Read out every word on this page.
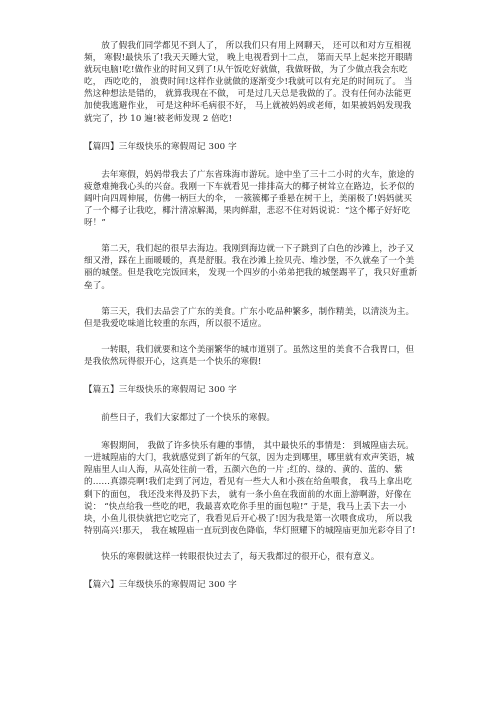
放了假我们同学都见不到人了， 所以我们只有用上网聊天， 还可以和对方互相视频， 寒假!最快乐了!我天天睡大觉， 晚上电视看到十二点， 第而天早上起来挖开眼睛就玩电脑!吃!做作业的时间又到了!从午饭吃好就做，我做呀做，为了少做点我会东吃吃， 西吃吃的， 浪费时间!这样作业就做的逐渐变少!我就可以有充足的时间玩了。 当然这种想法是错的， 就算我现在不做， 可是过几天总是我做的了。没有任何办法能更加使我逃避作业， 可是这种坏毛病很不好， 马上就被妈妈或老师，如果被妈妈发现我就完了，抄 10 遍!被老师发现 2 倍吃!

【篇四】三年级快乐的寒假周记 300 字

去年寒假，妈妈带我去了广东省珠海市游玩。途中坐了三十二小时的火车，旅途的疲惫难掩我心头的兴奋。我刚一下车就看见一排排高大的椰子树耸立在路边，长矛似的阔叶向四周伸展，仿佛一柄巨大的伞， 一簇簇椰子垂悬在树干上，美丽极了!妈妈就买了一个椰子让我吃，椰汁清凉解渴，果肉鲜甜，悲忍不住对妈说说：“这个椰子好好吃呀！”

第二天，我们起的很早去海边。我刚到海边就一下子跳到了白色的沙滩上，沙子又细又滑，踩在上面暖暖的，真是舒服。我在沙滩上捡贝壳、堆沙堡，不久就垒了一个美丽的城堡。但是我吃完饭回来， 发现一个四岁的小弟弟把我的城堡踢平了，我只好重新垒了。

第三天，我们去品尝了广东的美食。广东小吃品种繁多，制作精美，以清淡为主。但是我爱吃味道比较重的东西，所以很不适应。

一转眼，我们就要和这个美丽繁华的城市道别了。虽然这里的美食不合我胃口，但是我依然玩得很开心，这真是一个快乐的寒假!

【篇五】三年级快乐的寒假周记 300 字

前些日子，我们大家都过了一个快乐的寒假。

寒假期间， 我做了许多快乐有趣的事情， 其中最快乐的事情是： 到城隍庙去玩。一进城隍庙的大门，我就感觉到了新年的气氛，因为走到哪里，哪里就有欢声笑语，城隍庙里人山人海，从高处往前一看，五颜六色的一片 ;红的、绿的、黄的、蓝的、紫的……真漂亮啊!我们走到了河边，看见有一些大人和小孩在给鱼喂食， 我马上拿出吃剩下的面包， 我还没来得及扔下去， 就有一条小鱼在我面前的水面上游啊游，好像在说： “快点给我一些吃的吧，我最喜欢吃你手里的面包啦!” 于是，我马上丢下去一小块，小鱼儿很快就把它吃完了，我看见后开心极了!因为我是第一次喂食成功， 所以我特别高兴!那天， 我在城隍庙一直玩到夜色降临，华灯照耀下的城隍庙更加光彩夺目了!

快乐的寒假就这样一转眼很快过去了，每天我都过的很开心，很有意义。

【篇六】三年级快乐的寒假周记 300 字
